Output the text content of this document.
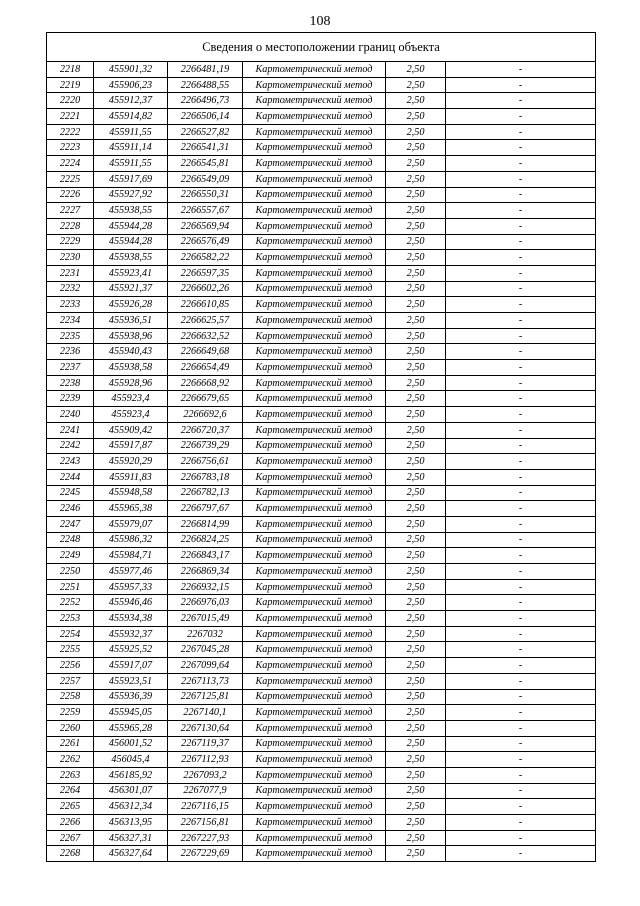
108
Сведения о местоположении границ объекта					
2218	455901,32	2266481,19	Картометрический метод	2,50	-
2219	455906,23	2266488,55	Картометрический метод	2,50	-
2220	455912,37	2266496,73	Картометрический метод	2,50	-
2221	455914,82	2266506,14	Картометрический метод	2,50	-
2222	455911,55	2266527,82	Картометрический метод	2,50	-
2223	455911,14	2266541,31	Картометрический метод	2,50	-
2224	455911,55	2266545,81	Картометрический метод	2,50	-
2225	455917,69	2266549,09	Картометрический метод	2,50	-
2226	455927,92	2266550,31	Картометрический метод	2,50	-
2227	455938,55	2266557,67	Картометрический метод	2,50	-
2228	455944,28	2266569,94	Картометрический метод	2,50	-
2229	455944,28	2266576,49	Картометрический метод	2,50	-
2230	455938,55	2266582,22	Картометрический метод	2,50	-
2231	455923,41	2266597,35	Картометрический метод	2,50	-
2232	455921,37	2266602,26	Картометрический метод	2,50	-
2233	455926,28	2266610,85	Картометрический метод	2,50	-
2234	455936,51	2266625,57	Картометрический метод	2,50	-
2235	455938,96	2266632,52	Картометрический метод	2,50	-
2236	455940,43	2266649,68	Картометрический метод	2,50	-
2237	455938,58	2266654,49	Картометрический метод	2,50	-
2238	455928,96	2266668,92	Картометрический метод	2,50	-
2239	455923,4	2266679,65	Картометрический метод	2,50	-
2240	455923,4	2266692,6	Картометрический метод	2,50	-
2241	455909,42	2266720,37	Картометрический метод	2,50	-
2242	455917,87	2266739,29	Картометрический метод	2,50	-
2243	455920,29	2266756,61	Картометрический метод	2,50	-
2244	455911,83	2266783,18	Картометрический метод	2,50	-
2245	455948,58	2266782,13	Картометрический метод	2,50	-
2246	455965,38	2266797,67	Картометрический метод	2,50	-
2247	455979,07	2266814,99	Картометрический метод	2,50	-
2248	455986,32	2266824,25	Картометрический метод	2,50	-
2249	455984,71	2266843,17	Картометрический метод	2,50	-
2250	455977,46	2266869,34	Картометрический метод	2,50	-
2251	455957,33	2266932,15	Картометрический метод	2,50	-
2252	455946,46	2266976,03	Картометрический метод	2,50	-
2253	455934,38	2267015,49	Картометрический метод	2,50	-
2254	455932,37	2267032	Картометрический метод	2,50	-
2255	455925,52	2267045,28	Картометрический метод	2,50	-
2256	455917,07	2267099,64	Картометрический метод	2,50	-
2257	455923,51	2267113,73	Картометрический метод	2,50	-
2258	455936,39	2267125,81	Картометрический метод	2,50	-
2259	455945,05	2267140,1	Картометрический метод	2,50	-
2260	455965,28	2267130,64	Картометрический метод	2,50	-
2261	456001,52	2267119,37	Картометрический метод	2,50	-
2262	456045,4	2267112,93	Картометрический метод	2,50	-
2263	456185,92	2267093,2	Картометрический метод	2,50	-
2264	456301,07	2267077,9	Картометрический метод	2,50	-
2265	456312,34	2267116,15	Картометрический метод	2,50	-
2266	456313,95	2267156,81	Картометрический метод	2,50	-
2267	456327,31	2267227,93	Картометрический метод	2,50	-
2268	456327,64	2267229,69	Картометрический метод	2,50	-
